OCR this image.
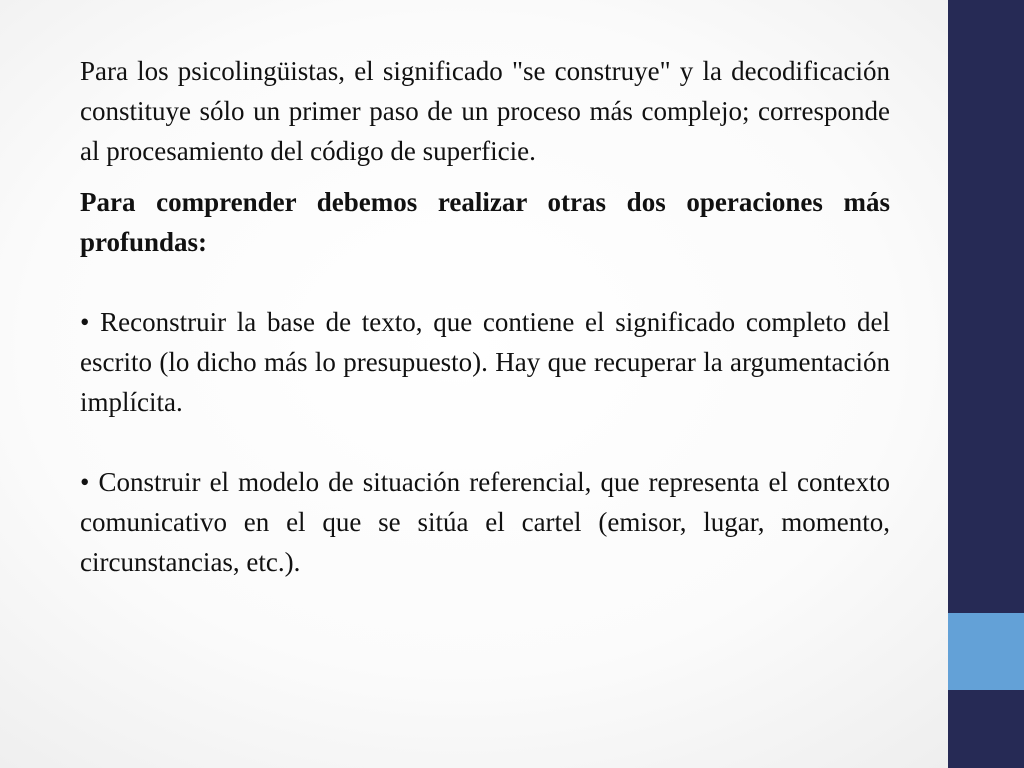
Para los psicolingüistas, el significado "se construye" y la decodificación constituye sólo un primer paso de un proceso más complejo; corresponde al procesamiento del código de superficie.

Para comprender debemos realizar otras dos operaciones más profundas:

• Reconstruir la base de texto, que contiene el significado completo del escrito (lo dicho más lo presupuesto). Hay que recuperar la argumentación implícita.

• Construir el modelo de situación referencial, que representa el contexto comunicativo en el que se sitúa el cartel (emisor, lugar, momento, circunstancias, etc.).
